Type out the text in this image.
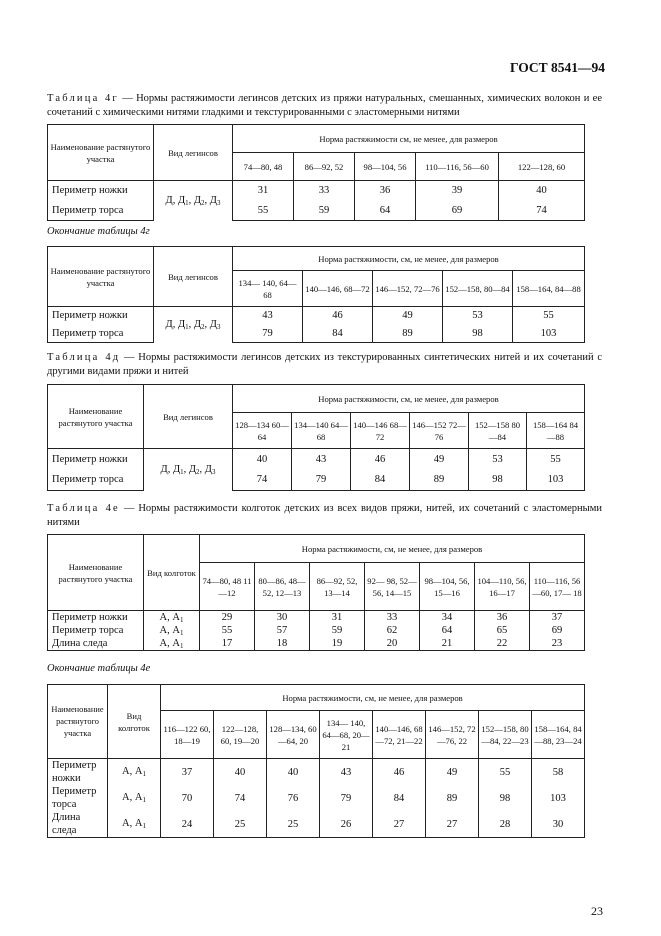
ГОСТ 8541—94
Таблица 4г — Нормы растяжимости легинсов детских из пряжи натуральных, смешанных, химических волокон и ее сочетаний с химическими нитями гладкими и текстурированными с эластомерными нитями
Наименование растянутого участка	Вид легинсов	Норма растяжимости см, не менее, для размеров				
		74—80, 48	86—92, 52	98—104, 56	110—116, 56—60	122—128, 60
Периметр ножки	Д, $Д_1$, $Д_2$, $Д_3$	31	33	36	39	40
Периметр торса		55	59	64	69	74
Окончание таблицы 4г
Наименование растянутого участка	Вид легинсов	Норма растяжимости, см, не менее, для размеров				
		134— 140, 64— 68	140—146, 68—72	146—152, 72—76	152—158, 80—84	158—164, 84—88
Периметр ножки	Д, $Д_1$, $Д_2$, $Д_3$	43	46	49	53	55
Периметр торса		79	84	89	98	103
Таблица 4д — Нормы растяжимости легинсов детских из текстурированных синтетических нитей и их сочетаний с другими видами пряжи и нитей
Наименование растянутого участка	Вид легинсов	Норма растяжимости, см, не менее, для размеров					
		128—134 60—64	134—140 64—68	140—146 68—72	146—152 72—76	152—158 80—84	158—164 84—88
Периметр ножки	Д, $Д_1$, $Д_2$, $Д_3$	40	43	46	49	53	55
Периметр торса		74	79	84	89	98	103
Таблица 4е — Нормы растяжимости колготок детских из всех видов пряжи, нитей, их сочетаний с эластомерными нитями
Наименование растянутого участка	Вид колготок	Норма растяжимости, см, не менее, для размеров						
		74—80, 48 11—12	80—86, 48—52, 12—13	86—92, 52, 13—14	92— 98, 52— 56, 14—15	98—104, 56, 15—16	104—110, 56, 16—17	110—116, 56—60, 17— 18
Периметр ножки	А, $А_1$	29	30	31	33	34	36	37
Периметр торса	А, $А_1$	55	57	59	62	64	65	69
Длина следа	А, $А_1$	17	18	19	20	21	22	23
Окончание таблицы 4е
Наименование растянутого участка	Вид колготок	Норма растяжимости, см, не менее, для размеров							
		116—122 60, 18—19	122—128, 60, 19—20	128—134, 60—64, 20	134— 140, 64—68, 20—21	140—146, 68—72, 21—22	146—152, 72—76, 22	152—158, 80—84, 22—23	158—164, 84—88, 23—24
Периметр ножки	А, $А_1$	37	40	40	43	46	49	55	58
Периметр торса	А, $А_1$	70	74	76	79	84	89	98	103
Длина следа	А, $А_1$	24	25	25	26	27	27	28	30
23
